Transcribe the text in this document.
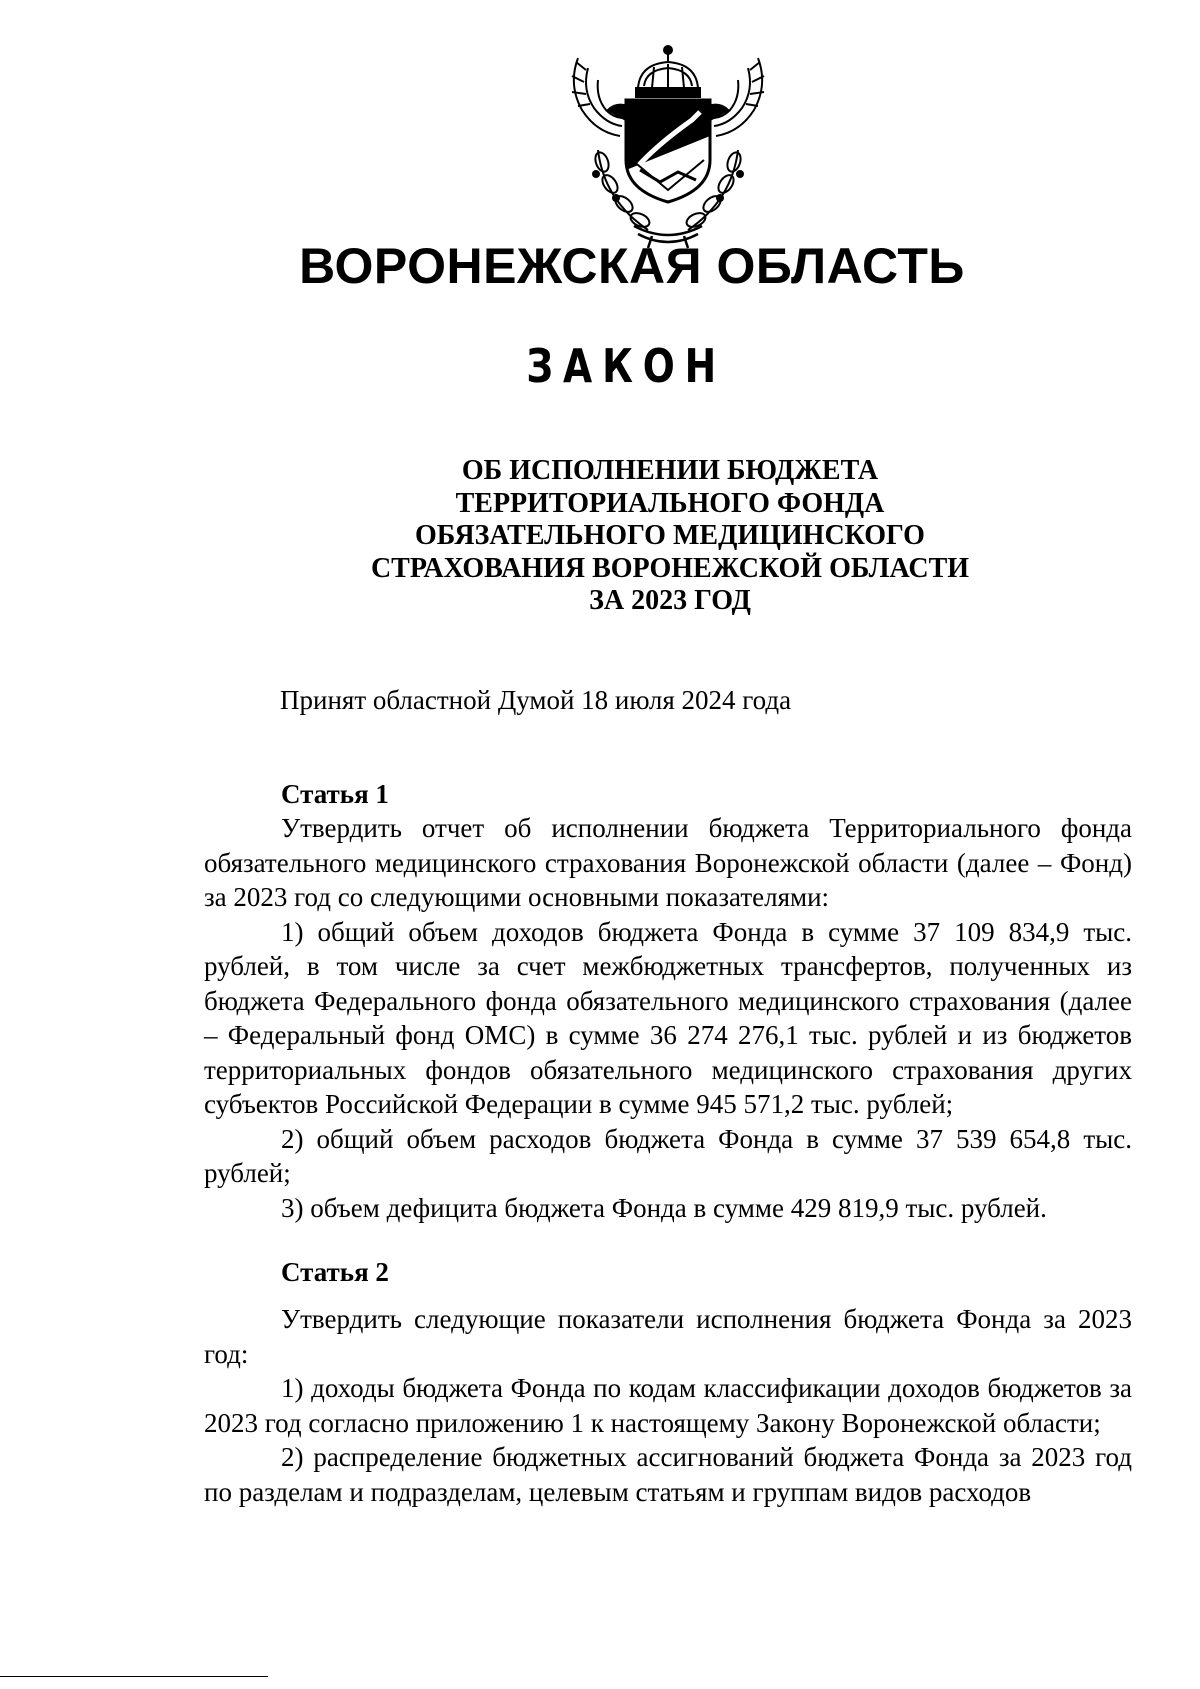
ВОРОНЕЖСКАЯ ОБЛАСТЬ
ЗАКОН
ОБ ИСПОЛНЕНИИ БЮДЖЕТА
ТЕРРИТОРИАЛЬНОГО ФОНДА
ОБЯЗАТЕЛЬНОГО МЕДИЦИНСКОГО
СТРАХОВАНИЯ ВОРОНЕЖСКОЙ ОБЛАСТИ
ЗА 2023 ГОД
Принят областной Думой 18 июля 2024 года
Статья 1

Утвердить отчет об исполнении бюджета Территориального фонда обязательного медицинского страхования Воронежской области (далее – Фонд) за 2023 год со следующими основными показателями:

1) общий объем доходов бюджета Фонда в сумме 37 109 834,9 тыс. рублей, в том числе за счет межбюджетных трансфертов, полученных из бюджета Федерального фонда обязательного медицинского страхования (далее – Федеральный фонд ОМС) в сумме 36 274 276,1 тыс. рублей и из бюджетов территориальных фондов обязательного медицинского страхования других субъектов Российской Федерации в сумме 945 571,2 тыс. рублей;

2) общий объем расходов бюджета Фонда в сумме 37 539 654,8 тыс. рублей;

3) объем дефицита бюджета Фонда в сумме 429 819,9 тыс. рублей.

Статья 2

Утвердить следующие показатели исполнения бюджета Фонда за 2023 год:

1) доходы бюджета Фонда по кодам классификации доходов бюджетов за 2023 год согласно приложению 1 к настоящему Закону Воронежской области;

2) распределение бюджетных ассигнований бюджета Фонда за 2023 год по разделам и подразделам, целевым статьям и группам видов расходов
